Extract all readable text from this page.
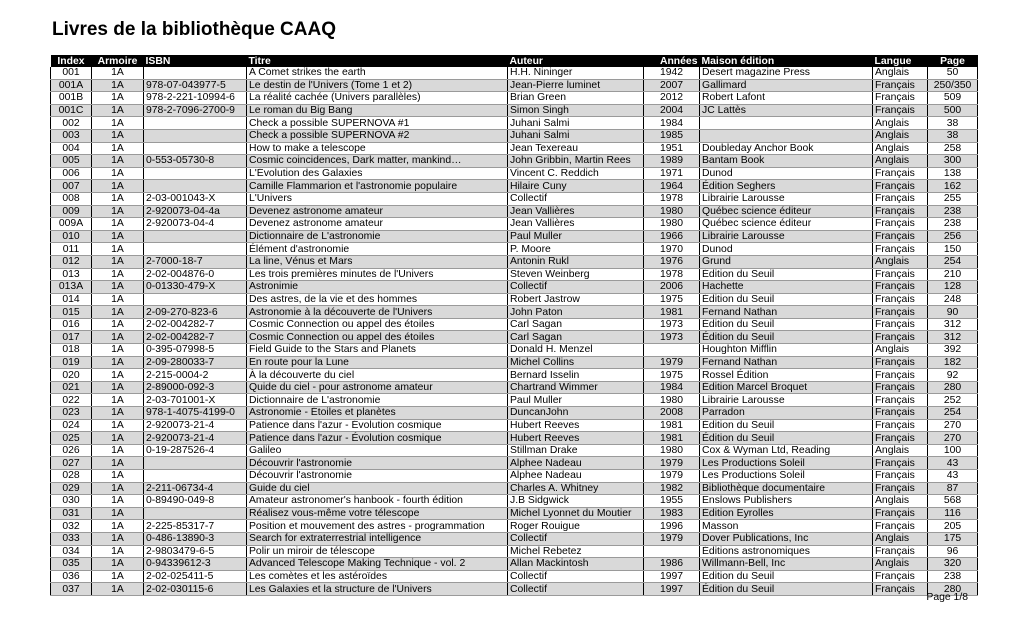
Livres de la bibliothèque CAAQ
Index	Armoire	ISBN	Titre	Auteur	Années	Maison édition	Langue	Page
001	1A		A Comet strikes the earth	H.H. Nininger	1942	Desert magazine Press	Anglais	50
001A	1A	978-07-043977-5	Le destin de l'Univers (Tome 1 et 2)	Jean-Pierre luminet	2007	Gallimard	Français	250/350
001B	1A	978-2-221-10994-6	La réalité cachée (Univers parallèles)	Brian Green	2012	Robert Lafont	Français	509
001C	1A	978-2-7096-2700-9	Le roman du Big Bang	Simon Singh	2004	JC Lattès	Français	500
002	1A		Check a possible SUPERNOVA #1	Juhani Salmi	1984		Anglais	38
003	1A		Check a possible SUPERNOVA #2	Juhani Salmi	1985		Anglais	38
004	1A		How to make a telescope	Jean Texereau	1951	Doubleday Anchor Book	Anglais	258
005	1A	0-553-05730-8	Cosmic coincidences, Dark matter, mankind…	John Gribbin, Martin Rees	1989	Bantam Book	Anglais	300
006	1A		L'Évolution des Galaxies	Vincent C. Reddich	1971	Dunod	Français	138
007	1A		Camille Flammarion et l'astronomie populaire	Hilaire Cuny	1964	Édition Seghers	Français	162
008	1A	2-03-001043-X	L'Univers	Collectif	1978	Librairie Larousse	Français	255
009	1A	2-920073-04-4a	Devenez astronome amateur	Jean Vallières	1980	Québec science éditeur	Français	238
009A	1A	2-920073-04-4	Devenez astronome amateur	Jean Vallières	1980	Québec science éditeur	Français	238
010	1A		Dictionnaire de L'astronomie	Paul Muller	1966	Librairie Larousse	Français	256
011	1A		Élément d'astronomie	P. Moore	1970	Dunod	Français	150
012	1A	2-7000-18-7	La line, Vénus et Mars	Antonin Rukl	1976	Grund	Anglais	254
013	1A	2-02-004876-0	Les trois premières minutes de l'Univers	Steven Weinberg	1978	Édition du Seuil	Français	210
013A	1A	0-01330-479-X	Astronimie	Collectif	2006	Hachette	Français	128
014	1A		Des astres, de la vie et des hommes	Robert Jastrow	1975	Édition du Seuil	Français	248
015	1A	2-09-270-823-6	Astronomie à la découverte de l'Univers	John Paton	1981	Fernand Nathan	Français	90
016	1A	2-02-004282-7	Cosmic Connection ou appel des étoiles	Carl Sagan	1973	Édition du Seuil	Français	312
017	1A	2-02-004282-7	Cosmic Connection ou appel des étoiles	Carl Sagan	1973	Édition du Seuil	Français	312
018	1A	0-395-07998-5	Field Guide to the Stars and Planets	Donald H. Menzel		Houghton Mifflin	Anglais	392
019	1A	2-09-280033-7	En route pour la Lune	Michel Collins	1979	Fernand Nathan	Français	182
020	1A	2-215-0004-2	À la découverte du ciel	Bernard Isselin	1975	Rossel Édition	Français	92
021	1A	2-89000-092-3	Quide du ciel - pour astronome amateur	Chartrand Wimmer	1984	Édition Marcel Broquet	Français	280
022	1A	2-03-701001-X	Dictionnaire de L'astronomie	Paul Muller	1980	Librairie Larousse	Français	252
023	1A	978-1-4075-4199-0	Astronomie - Étoiles et planètes	DuncanJohn	2008	Parradon	Français	254
024	1A	2-920073-21-4	Patience dans l'azur - Évolution cosmique	Hubert Reeves	1981	Édition du Seuil	Français	270
025	1A	2-920073-21-4	Patience dans l'azur - Évolution cosmique	Hubert Reeves	1981	Édition du Seuil	Français	270
026	1A	0-19-287526-4	Galileo	Stillman Drake	1980	Cox & Wyman Ltd, Reading	Anglais	100
027	1A		Découvrir l'astronomie	Alphee Nadeau	1979	Les Productions Soleil	Français	43
028	1A		Découvrir l'astronomie	Alphee Nadeau	1979	Les Productions Soleil	Français	43
029	1A	2-211-06734-4	Guide du ciel	Charles A. Whitney	1982	Bibliothèque documentaire	Français	87
030	1A	0-89490-049-8	Amateur astronomer's hanbook - fourth édition	J.B Sidgwick	1955	Enslows Publishers	Anglais	568
031	1A		Réalisez vous-même votre télescope	Michel Lyonnet du Moutier	1983	Édition Eyrolles	Français	116
032	1A	2-225-85317-7	Position et mouvement des astres - programmation	Roger Rouigue	1996	Masson	Français	205
033	1A	0-486-13890-3	Search for extraterrestrial intelligence	Collectif	1979	Dover Publications, Inc	Anglais	175
034	1A	2-9803479-6-5	Polir un miroir de télescope	Michel Rebetez		Éditions astronomiques	Français	96
035	1A	0-94339612-3	Advanced Telescope Making Technique - vol. 2	Allan Mackintosh	1986	Willmann-Bell, Inc	Anglais	320
036	1A	2-02-025411-5	Les comètes et les astéroïdes	Collectif	1997	Édition du Seuil	Français	238
037	1A	2-02-030115-6	Les Galaxies et la structure de l'Univers	Collectif	1997	Édition du Seuil	Français	280
Page 1/8
